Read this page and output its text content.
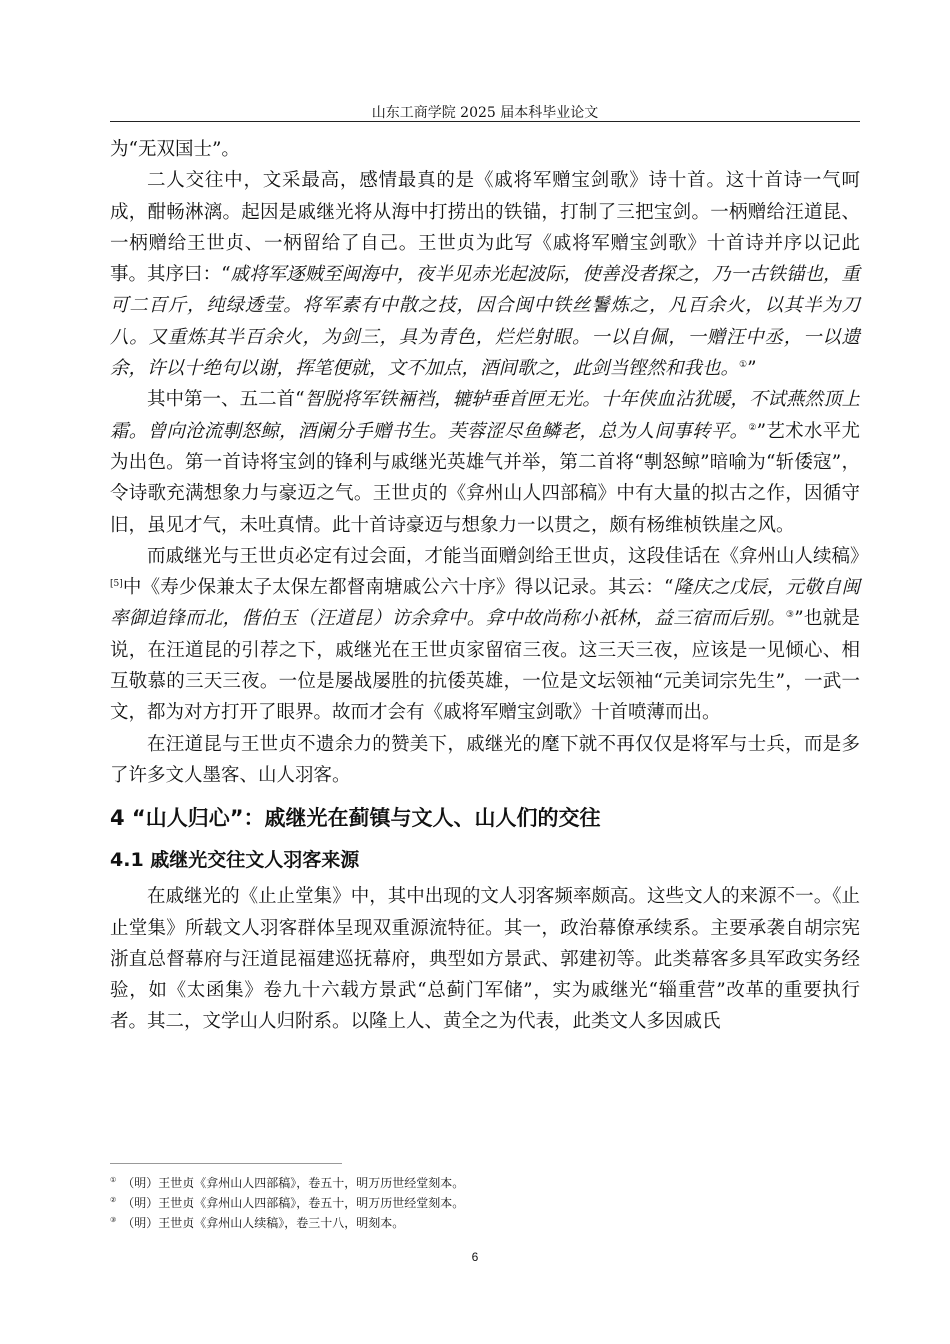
山东工商学院 2025 届本科毕业论文

为“无双国士”。

二人交往中，文采最高，感情最真的是《戚将军赠宝剑歌》诗十首。这十首诗一气呵成，酣畅淋漓。起因是戚继光将从海中打捞出的铁锚，打制了三把宝剑。一柄赠给汪道昆、一柄赠给王世贞、一柄留给了自己。王世贞为此写《戚将军赠宝剑歌》十首诗并序以记此事。其序曰：“戚将军逐贼至闽海中，夜半见赤光起波际，使善没者探之，乃一古铁锚也，重可二百斤，纯绿透莹。将军素有中散之技，因合闽中铁丝鬐炼之，凡百余火，以其半为刀八。又重炼其半百余火，为剑三，具为青色，烂烂射眼。一以自佩，一赠汪中丞，一以遗余，许以十绝句以谢，挥笔便就，文不加点，酒间歌之，此剑当铿然和我也。①”

其中第一、五二首“智脱将军铁裲裆，辘轳垂首匣无光。十年侠血沾犹暖，不试燕然顶上霜。曾向沧流剸怒鲸，酒阑分手赠书生。芙蓉涩尽鱼鳞老，总为人间事转平。②”艺术水平尤为出色。第一首诗将宝剑的锋利与戚继光英雄气并举，第二首将“剸怒鲸”暗喻为“斩倭寇”，令诗歌充满想象力与豪迈之气。王世贞的《弇州山人四部稿》中有大量的拟古之作，因循守旧，虽见才气，未吐真情。此十首诗豪迈与想象力一以贯之，颇有杨维桢铁崖之风。

而戚继光与王世贞必定有过会面，才能当面赠剑给王世贞，这段佳话在《弇州山人续稿》[5]中《寿少保兼太子太保左都督南塘戚公六十序》得以记录。其云：“隆庆之戊辰，元敬自闽率御追锋而北，偕伯玉（汪道昆）访余弇中。弇中故尚称小祇林，益三宿而后别。③”也就是说，在汪道昆的引荐之下，戚继光在王世贞家留宿三夜。这三天三夜，应该是一见倾心、相互敬慕的三天三夜。一位是屡战屡胜的抗倭英雄，一位是文坛领袖“元美词宗先生”，一武一文，都为对方打开了眼界。故而才会有《戚将军赠宝剑歌》十首喷薄而出。

在汪道昆与王世贞不遗余力的赞美下，戚继光的麾下就不再仅仅是将军与士兵，而是多了许多文人墨客、山人羽客。

4 “山人归心”：戚继光在蓟镇与文人、山人们的交往
4.1 戚继光交往文人羽客来源

在戚继光的《止止堂集》中，其中出现的文人羽客频率颇高。这些文人的来源不一。《止止堂集》所载文人羽客群体呈现双重源流特征。其一，政治幕僚承续系。主要承袭自胡宗宪浙直总督幕府与汪道昆福建巡抚幕府，典型如方景武、郭建初等。此类幕客多具军政实务经验，如《太函集》卷九十六载方景武“总蓟门军储”，实为戚继光“辎重营”改革的重要执行者。其二，文学山人归附系。以隆上人、黄全之为代表，此类文人多因戚氏

① （明）王世贞《弇州山人四部稿》，卷五十，明万历世经堂刻本。
② （明）王世贞《弇州山人四部稿》，卷五十，明万历世经堂刻本。
③ （明）王世贞《弇州山人续稿》，卷三十八，明刻本。
6
